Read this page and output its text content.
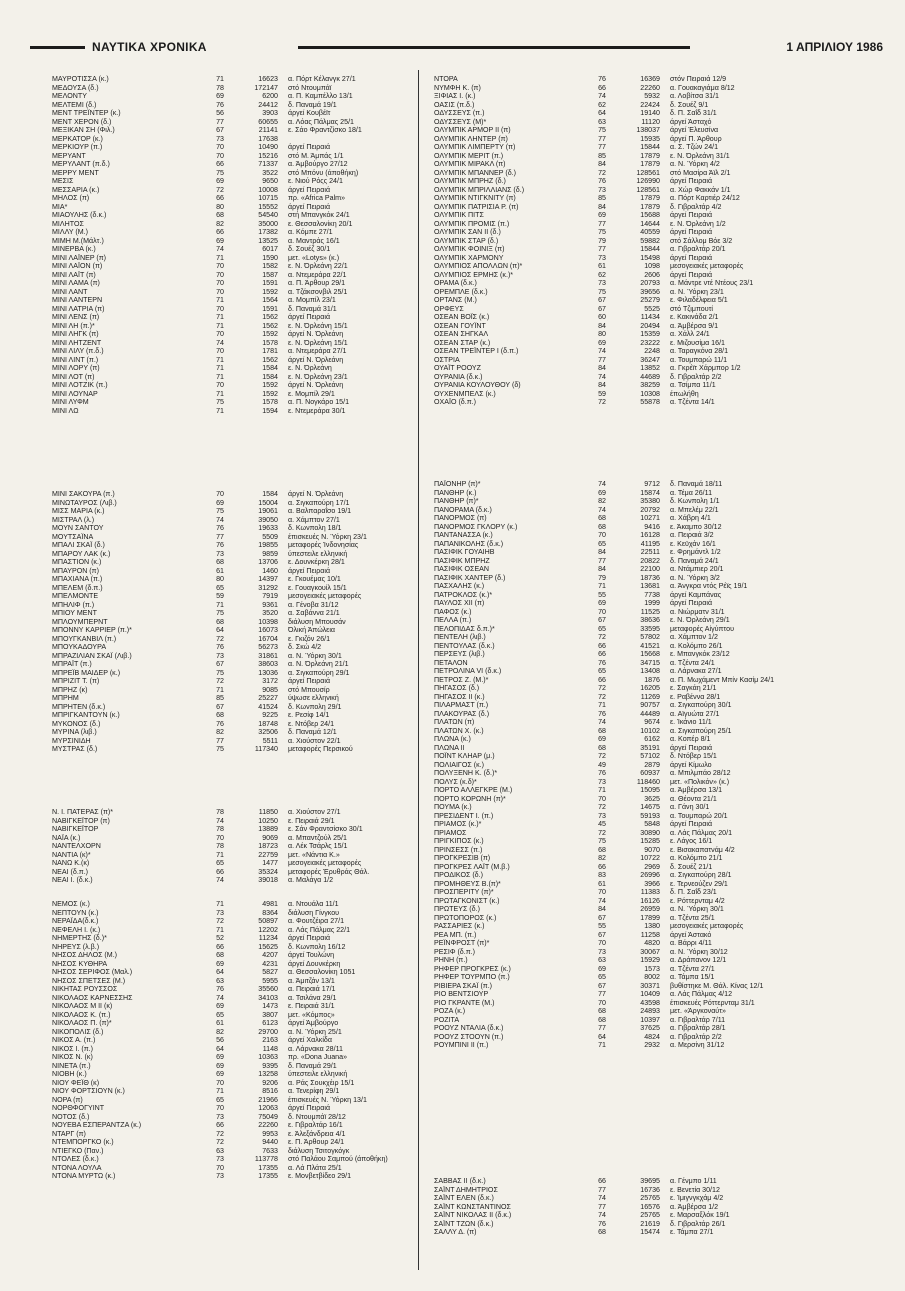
ΝΑΥΤΙΚΑ ΧΡΟΝΙΚΑ	1 ΑΠΡΙΛΙΟΥ 1986
ΜΑΥΡΟΤΙΣΣΑ (κ.)	71	16623	α. Πόρτ Κέλανγκ 27/1
ΜΕΔΟΥΣΑ (δ.)	78	172147	στό Ντουμπάϊ
ΜΕΛΟΝΤΥ	69	6200	α. Π. Καμπέλλο 13/1
ΜΕΛΤΕΜΙ (δ.)	76	24412	δ. Παναμά 19/1
ΜΕΝΤ ΤΡΕΪΝΤΕΡ (κ.)	56	3903	άργεί Κουβέϊτ
ΜΕΝΤ ΧΕΡΟΝ (δ.)	77	60655	α. Λόας Πάλμας 25/1
ΜΕΞΙΚΑΝ ΣΗ (Φιλ.)	67	21141	ε. Σάο Φραντζίσκο 18/1
ΜΕΡΚΑΤΟΡ (κ.)	73	17638
ΜΕΡΚΙΟΥΡ (π.)	70	10490	άργεί Πειραιά
ΜΕΡΥΑΝΤ	70	15216	στό Μ. Άμπάς 1/1
ΜΕΡΥΛΑΝΤ (π.δ.)	66	71337	α. Άμβούργο 27/12
ΜΕΡΡΥ ΜΕΝΤ	75	3522	στό Μπόνυ (άποθήκη)
ΜΕΣΙΣ	69	9650	ε. Νιού Ρόςς 24/1
ΜΕΣΣΑΡΙΑ (κ.)	72	10008	άργεί Πειραιά
ΜΗΛΟΣ (π)	66	10715	πρ. «Africa Palm»
ΜΙΑ*	80	15552	άργεί Πειραιά
ΜΙΑΟΥΛΗΣ (δ.κ.)	68	54540	στή Μπανγκόκ 24/1
ΜΙΛΗΤΟΣ	82	35000	ε. Θεσσαλονίκη 20/1
ΜΙΛΛΥ (Μ.)	66	17382	α. Κόμπε 27/1
ΜΙΜΗ Μ.(Μάλτ.)	69	13525	α. Μαντράς 16/1
ΜΙΝΕΡΒΑ (κ.)	74	6017	δ. Σουέζ 30/1
ΜΙΝΙ ΛΑΪΝΕΡ (π)	71	1590	μετ. «Lotys» (κ.)
ΜΙΝΙ ΛΑΪΟΝ (π)	70	1582	ε. Ν. Όρλεάνη 22/1
ΜΙΝΙ ΛΑΪΤ (π)	70	1587	α. Ντεμεράρα 22/1
ΜΙΝΙ ΛΑΜΑ (π)	70	1591	α. Π. Άρθουρ 29/1
ΜΙΝΙ ΛΑΝΤ	70	1592	α. Τζάκσονβιλ 25/1
ΜΙΝΙ ΛΑΝΤΕΡΝ	71	1564	α. Μομπίλ 23/1
ΜΙΝΙ ΛΑΤΡΙΑ (π)	70	1591	δ. Παναμά 31/1
ΜΙΝΙ ΛΕΝΣ (π)	71	1562	άργεί Πειραιά
ΜΙΝΙ ΛΗ (π.)*	71	1562	ε. Ν. Όρλεάνη 15/1
ΜΙΝΙ ΛΗΓΚ (π)	70	1592	άργεί Ν. Όρλεάνη
ΜΙΝΙ ΛΗΤΖΕΝΤ	74	1578	ε. Ν. Όρλεάνη 15/1
ΜΙΝΙ ΛΙΛΥ (π.δ.)	70	1781	α. Ντεμεράρα 27/1
ΜΙΝΙ ΛΙΝΤ (π.)	71	1562	άργεί Ν. Όρλεάνη
ΜΙΝΙ ΛΟΡΥ (π)	71	1584	ε. Ν. Όρλεάνη
ΜΙΝΙ ΛΟΤ (π)	71	1584	ε. Ν. Όρλεάνη 23/1
ΜΙΝΙ ΛΟΤΖΙΚ (π.)	70	1592	άργεί Ν. Όρλεάνη
ΜΙΝΙ ΛΟΥΝΑΡ	71	1592	ε. Μομπίλ 29/1
ΜΙΝΙ ΛΥΦΜ	75	1578	α. Π. Νογκάρο 15/1
ΜΙΝΙ ΛΩ	71	1594	ε. Ντεμεράρα 30/1
ΜΙΝΙ ΣΑΚΟΥΡΑ (π.)	70	1584	άργεί Ν. Όρλεάνη
ΜΙΝΩΤΑΥΡΟΣ (Λιβ.)	69	15004	α. Σιγκαπούρη 17/1
ΜΙΣΣ ΜΑΡΙΑ (κ.)	75	19061	α. Βαλπαραΐσο 19/1
ΜΙΣΤΡΑΛ (λ.)	74	39050	α. Χάμπτον 27/1
ΜΟΥΝ ΣΑΝΤΟΥ	76	19633	δ. Κωνπολη 18/1
ΜΟΥΤΣΑΪΝΑ	77	5509	έπισκευές Ν. Ύόρκη 23/1
ΜΠΑΛΙ ΣΚΑΪ (δ.)	76	19855	μεταφορές Ίνδονησίας
ΜΠΑΡΟΥ ΛΑΚ (κ.)	73	9859	ύπεστειλε ελληνική
ΜΠΑΣΤΙΟΝ (κ.)	68	13706	ε. Δουνκέρκη 28/1
ΜΠΑΥΡΟΝ (π)	61	1460	άργεί Πειραιά
ΜΠΑΧΙΑΝΑ (π.)	80	14397	ε. Γκουέμας 10/1
ΜΠΕΛΕΜ (δ.π.)	65	31292	ε. Γουαγκουίλ 15/1
ΜΠΕΛΜΟΝΤΕ	59	7919	μεσογειακές μεταφορές
ΜΠΗΛΙΦ (π.)	71	9361	α. Γένοβα 31/12
ΜΠΙΟΥ ΜΕΝΤ	75	3520	α. Σαβάννα 21/1
ΜΠΛΟΥΜΠΕΡΝΤ	68	10398	διάλυση Μπουσάν
ΜΠΟΝΝΥ ΚΑΡΡΙΕΡ (π.)*	64	16073	Όλική Άπώλεια
ΜΠΟΥΓΚΑΝΒΙΛ (π.)	72	16704	ε. Γκιζόν 26/1
ΜΠΟΥΚΑΔΟΥΡΑ	76	56273	δ. Σκώ 4/2
ΜΠΡΑΖΙΛΙΑΝ ΣΚΑΪ (Λιβ.)	73	31861	α. Ν. Ύόρκη 30/1
ΜΠΡΑΪΤ (π.)	67	38603	α. Ν. Όρλεάνη 21/1
ΜΠΡΕΪΒ ΜΑΙΔΕΡ (κ.)	75	13036	α. Σιγκαπούρη 29/1
ΜΠΡΙΖΙΤ Τ. (π)	72	3172	άργεί Πειραιά
ΜΠΡΗΖ (κ)	71	9085	στό Μπουσίρ
ΜΠΡΗΜ	85	25227	ύψωσε ελληνική
ΜΠΡΗΤΕΝ (δ.κ.)	67	41524	δ. Κωνπολη 29/1
ΜΠΡΙΓΚΑΝΤΟΥΝ (κ.)	68	9225	ε. Ρεσίφ 14/1
ΜΥΚΟΝΟΣ (δ.)	76	18748	ε. Ντόβερ 24/1
ΜΥΡΙΝΑ (λιβ.)	82	32506	δ. Παναμά 12/1
ΜΥΡΣΙΝΙΔΗ	77	5511	α. Χιούστον 22/1
ΜΥΣΤΡΑΣ (δ.)	75	117340	μεταφορές Περσικού
Ν. Ι. ΠΑΤΕΡΑΣ (π)*	78	11850	α. Χιούστον 27/1
ΝΑΒΙΓΚΕΪΤΟΡ (π)	74	10250	ε. Πειραιά 29/1
ΝΑΒΙΓΚΕΪΤΟΡ	78	13889	ε. Σάν Φραντσίσκο 30/1
ΝΑΪΑ (κ.)	70	9069	α. Μπαντζούλ 25/1
ΝΑΝΤΕΛΧΟΡΝ	78	18723	α. Λέκ Τσάρλς 15/1
ΝΑΝΤΙΑ (κ)*	71	22759	μετ. «Νάντια Κ.»
ΝΑΝΩ Κ.(κ)	65	1477	μεσογειακές μεταφορές
ΝΕΑΙ (δ.π.)	66	35324	μεταφορές Έρυθράς Θάλ.
ΝΕΑΙ Ι. (δ.κ.)	74	39018	α. Μαλάγα 1/2
ΝΕΜΟΣ (κ.)	71	4981	α. Ντουάλα 11/1
ΝΕΠΤΟΥΝ (κ.)	73	8364	διάλυση Γίνγκου
ΝΕΡΑΪΔΑ(δ.κ.)	72	50897	α. Φουτζέιρα 27/1
ΝΕΦΕΛΗ Ι. (κ.)	71	12202	α. Λάς Πάλμας 22/1
ΝΗΜΕΡΤΗΣ (δ.)*	52	11234	άργεί Πειραιά
ΝΗΡΕΥΣ (λ.β.)	66	15625	δ. Κωνπολη 16/12
ΝΗΣΟΣ ΔΗΛΟΣ (Μ.)	68	4207	άργεί Τουλώνη
ΝΗΣΟΣ ΚΥΘΗΡΑ	69	4231	άργεί Δουνκέρκη
ΝΗΣΟΣ ΣΕΡΙΦΟΣ (Μαλ.)	64	5827	α. Θεσσαλονίκη 1051
ΝΗΣΟΣ ΣΠΕΤΣΕΣ (Μ.)	63	5955	α. Άμιτζάν 13/1
ΝΙΚΗΤΑΣ ΡΟΥΣΣΟΣ	76	35560	α. Πειραιά 17/1
ΝΙΚΟΛΑΟΣ ΚΑΡΝΕΣΣΗΣ	74	34103	α. Τσιλάνα 29/1
ΝΙΚΟΛΑΟΣ Μ ΙΙ (κ)	69	1473	ε. Πειραιά 31/1
ΝΙΚΟΛΑΟΣ Κ. (π.)	65	3807	μετ. «Κόμπος»
ΝΙΚΟΛΑΟΣ Π. (π)*	61	6123	άργεί Άμβούργο
ΝΙΚΟΠΟΛΙΣ (δ.)	82	29700	α. Ν. Ύόρκη 25/1
ΝΙΚΟΣ Α. (π.)	56	2163	άργεί Χαλκίδα
ΝΙΚΟΣ Ι. (π.)	64	1148	α. Λάρνακα 28/11
ΝΙΚΟΣ Ν. (κ)	69	10363	πρ. «Dona Juana»
ΝΙΝΕΤΑ (π.)	69	9395	δ. Παναμά 29/1
ΝΙΟΒΗ (κ.)	69	13258	ύπεστειλε ελληνική
ΝΙΟΥ ΦΕΪΘ (κ)	70	9206	α. Ράς Σουκχέιρ 15/1
ΝΙΟΥ ΦΟΡΤΣΙΟΥΝ (κ.)	71	8516	α. Τενερίφη 29/1
ΝΟΡΑ (π)	65	21966	έπισκευές Ν. Ύόρκη 13/1
ΝΟΡΘΦΟΓΥΙΝΤ	70	12063	άργεί Πειραιά
ΝΟΤΟΣ (δ.)	73	75049	δ. Ντουμπάϊ 28/12
ΝΟΥΕΒΑ ΕΣΠΕΡΑΝΤΖΑ (κ.)	66	22260	ε. Γιβραλτάρ 16/1
ΝΤΑΡΓ (π)	72	9953	ε. Άλεξάνδρεια 4/1
ΝΤΕΜΠΟΡΓΚΟ (κ.)	72	9440	ε. Π. Άρθουρ 24/1
ΝΤΙΕΓΚΟ (Παν.)	63	7633	διάλυση Τσιτογκόγκ
ΝΤΟΛΕΣ (δ.κ.)	73	113778	στό Παλάου Σαμπού (άποθήκη)
ΝΤΟΝΑ ΛΟΥΛΑ	70	17355	α. Λά Πλάτα 25/1
ΝΤΟΝΑ ΜΥΡΤΩ (κ.)	73	17355	ε. Μονβετβίδεο 29/1
ΝΤΟΡΑ	76	16369	στόν Πειραιά 12/9
ΝΥΜΦΗ Κ. (π)	66	22260	α. Γουακαγιάμα 8/12
ΞΙΦΙΑΣ Ι. (κ.)	74	5932	α. Λοβίτσα 31/1
ΟΑΣΙΣ (π.δ.)	62	22424	δ. Σουέζ 9/1
ΟΔΥΣΣΕΥΣ (π.)	64	19140	δ. Π. Σαΐδ 31/1
ΟΔΥΣΣΕΥΣ (Μ)*	63	11120	άργεί Άσταχό
ΟΛΥΜΠΙΚ ΑΡΜΟΡ ΙΙ (π)	75	138037	άργεί Έλευσίνα
ΟΛΥΜΠΙΚ ΛΗΝΤΕΡ (π)	77	15935	άργεί Π. Άρθουρ
ΟΛΥΜΠΙΚ ΛΙΜΠΕΡΤΥ (π)	77	15844	α. Σ. Τζών 24/1
ΟΛΥΜΠΙΚ ΜΕΡΙΤ (π.)	85	17879	ε. Ν. Όρλεάνη 31/1
ΟΛΥΜΠΙΚ ΜΙΡΑΚΛ (π)	84	17879	α. Ν. Ύόρκη 4/2
ΟΛΥΜΠΙΚ ΜΠΑΝΝΕΡ (δ.)	72	128561	στό Μασίρα Άϊλ 2/1
ΟΛΥΜΠΙΚ ΜΠΡΗΖ (δ.)	76	126990	άργεί Πειραιά
ΟΛΥΜΠΙΚ ΜΠΡΙΛΛΙΑΝΣ (δ.)	73	128561	α. Χώρ Φακκάν 1/1
ΟΛΥΜΠΙΚ ΝΤΙΓΚΝΙΤΥ (π)	85	17879	α. Πόρτ Καρτιέρ 24/12
ΟΛΥΜΠΙΚ ΠΑΤΡΙΣΙΑ Ρ. (π)	84	17879	δ. Γιβραλτάρ 4/2
ΟΛΥΜΠΙΚ ΠΙΤΣ	69	15688	άργεί Πειραιά
ΟΛΥΜΠΙΚ ΠΡΟΜΙΣ (π.)	77	14644	ε. Ν. Όρλεάνη 1/2
ΟΛΥΜΠΙΚ ΣΑΝ ΙΙ (δ.)	75	40559	άργεί Πειραιά
ΟΛΥΜΠΙΚ ΣΤΑΡ (δ.)	79	59882	στό Σάλλομ Βόε 3/2
ΟΛΥΜΠΙΚ ΦΟΙΝΙΞ (π)	77	15844	α. Γιβραλτάρ 20/1
ΟΛΥΜΠΙΚ ΧΑΡΜΟΝΥ	73	15498	άργεί Πειραιά
ΟΛΥΜΠΙΟΣ ΑΠΟΛΛΩΝ (π)*	61	1098	μεσογειακές μεταφορές
ΟΛΥΜΠΙΟΣ ΕΡΜΗΣ (κ.)*	62	2606	άργεί Πειραιά
ΟΡΑΜΑ (δ.κ.)	73	20793	α. Μάντρε ντέ Ντέους 23/1
ΟΡΕΜΠΛΕ (δ.κ.)	75	39656	α. Ν. Ύόρκη 23/1
ΟΡΤΑΝΣ (Μ.)	67	25279	ε. Φιλαδέλφεια 5/1
ΟΡΦΕΥΣ	67	5525	στό Τζιμπουτί
ΟΣΕΑΝ ΒΟΪΣ (κ.)	60	11434	ε. Κακινάδα 2/1
ΟΣΕΑΝ ΓΟΥΪΝΤ	84	20494	α. Άμβέρσα 9/1
ΟΣΕΑΝ ΣΗΓΚΑΛ	80	15359	α. Χάλλ 24/1
ΟΣΕΑΝ ΣΤΑΡ (κ.)	69	23222	ε. Μιζουσίμα 16/1
ΟΣΕΑΝ ΤΡΕΪΝΤΕΡ Ι (δ.π.)	74	2248	α. Ταραγκόνα 28/1
ΟΣΤΡΙΑ	77	36247	α. Τουμπαρώ 11/1
ΟΥΑΪΤ ΡΟΟΥΖ	84	13852	α. Γκρέϊτ Χάρμπορ 1/2
ΟΥΡΑΝΙΑ (δ.κ.)	74	44689	δ. Γιβραλτάρ 2/2
ΟΥΡΑΝΙΑ ΚΟΥΛΟΥΘΟΥ (δ)	84	38259	α. Τσίμπα 11/1
ΟΥΧΕΝΜΠΕΛΣ (κ.)	59	10308	έπωλήθη
ΟΧΑΪΟ (δ.π.)	72	55878	α. Τζέντα 14/1
ΠΑΪΟΝΗΡ (π)*	74	9712	δ. Παναμά 18/11
ΠΑΝΘΗΡ (κ.)	69	15874	α. Τέμα 26/11
ΠΑΝΘΗΡ (π)*	82	35380	δ. Κωνπολη 1/1
ΠΑΝΟΡΑΜΑ (δ.κ.)	74	20792	α. Μπελέμ 22/1
ΠΑΝΟΡΜΟΣ (π)	68	10271	α. Χάβρη 4/1
ΠΑΝΟΡΜΟΣ ΓΚΛΟΡΥ (κ.)	68	9416	ε. Άκαμπο 30/12
ΠΑΝΤΑΝΑΣΣΑ (κ.)	70	16128	α. Πειραιά 3/2
ΠΑΠΑΝΙΚΟΛΗΣ (δ.κ.)	65	41195	ε. Κεϋχάν 16/1
ΠΑΣΙΦΙΚ ΓΟΥΑΙΗΒ	84	22511	ε. Φρημάντλ 1/2
ΠΑΣΙΦΙΚ ΜΠΡΗΖ	77	20822	δ. Παναμά 24/1
ΠΑΣΙΦΙΚ ΟΣΕΑΝ	84	22100	α. Ντάμπιερ 20/1
ΠΑΣΙΦΙΚ ΧΑΝΤΕΡ (δ.)	79	18736	α. Ν. Ύόρκη 3/2
ΠΑΣΧΑΛΗΣ (κ.)	71	13681	α. Άνγκρα ντός Ρέϊς 19/1
ΠΑΤΡΟΚΛΟΣ (κ.)*	55	7738	άργεί Καμπάνας
ΠΑΥΛΟΣ ΧΙΙ (π)	69	1999	άργεί Πειραιά
ΠΑΦΟΣ (κ.)	70	11525	α. Νιώρματν 31/1
ΠΕΛΛΑ (π.)	67	38636	ε. Ν. Όρλεάνη 29/1
ΠΕΛΟΠΙΔΑΣ δ.π.)*	65	33595	μεταφορές Αίγύπτου
ΠΕΝΤΕΛΗ (λιβ.)	72	57802	α. Χάμπτον 1/2
ΠΕΝΤΟΥΛΑΣ (δ.κ.)	66	41521	α. Κολόμπο 26/1
ΠΕΡΣΕΥΣ (λιβ.)	66	15668	ε. Μπανγκόκ 23/12
ΠΕΤΑΛΟΝ	76	34715	α. Τζέντα 24/1
ΠΕΤΡΟΛΙΝΑ VI (δ.κ.)	65	13408	α. Λάρνακα 27/1
ΠΕΤΡΟΣ Ζ. (Μ.)*	66	1876	α. Π. Μωχάμεντ Μπίν Κασίμ 24/1
ΠΗΓΑΣΟΣ (δ.)	72	16205	ε. Σαγκάη 21/1
ΠΗΓΑΣΟΣ ΙΙ (κ.)	72	11269	ε. Ραβέννα 28/1
ΠΙΛΑΡΜΑΣΤ (π.)	71	90757	α. Σιγκαπούρη 30/1
ΠΛΑΚΟΥΡΑΣ (δ.)	76	44489	α. Αϊγυώτα 27/1
ΠΛΑΤΩΝ (π)	74	9674	ε. Ίκάνιο 11/1
ΠΛΑΤΩΝ Χ. (κ.)	68	10102	α. Σιγκαπούρη 25/1
ΠΛΩΝΑ (κ.)	69	6162	α. Κοπέρ 8/1
ΠΛΩΝΑ ΙΙ	68	35191	άργεί Πειραιά
ΠΟΪΝΤ ΚΛΗΑΡ (μ.)	72	57102	δ. Ντόβερ 15/1
ΠΟΛΙΑΙΓΟΣ (κ.)	49	2879	άργεί Κίμωλο
ΠΟΛΥΞΕΝΗ Κ. (δ.)*	76	60937	α. Μπιλμπάο 28/12
ΠΟΛΥΣ (κ.δ)*	73	118460	μετ. «Πολικόν» (κ.)
ΠΟΡΤΟ ΑΛΛΕΓΚΡΕ (Μ.)	71	15095	α. Άμβέρσα 13/1
ΠΟΡΤΟ ΚΟΡΩΝΗ (π)*	70	3625	α. Θέοντα 21/1
ΠΟΥΜΑ (κ.)	72	14675	α. Γάνη 30/1
ΠΡΕΣΙΔΕΝΤ Ι. (π.)	73	59193	α. Τουμπαρώ 20/1
ΠΡΙΑΜΟΣ (κ.)*	45	5848	άργεί Πειραιά
ΠΡΙΑΜΟΣ	72	30890	α. Λάς Πάλμας 20/1
ΠΡΙΓΚΙΠΟΣ (κ.)	75	15285	ε. Λάγος 16/1
ΠΡΙΝΣΕΣΣ (π.)	68	9070	ε. Βισακαπατνάμ 4/2
ΠΡΟΓΚΡΕΣΙΒ (π)	82	10722	α. Κολόμπο 21/1
ΠΡΟΓΚΡΕΣ ΛΑΪΤ (Μ.β.)	66	2969	δ. Σουέζ 21/1
ΠΡΟΔΙΚΟΣ (δ.)	83	26996	α. Σιγκαπούρη 28/1
ΠΡΟΜΗΘΕΥΣ Β.(π)*	61	3966	ε. Τερνεούζεν 29/1
ΠΡΟΣΠΕΡΙΤΥ (π)*	70	11383	δ. Π. Σαΐδ 23/1
ΠΡΩΤΑΓΚΟΝΙΣΤ (κ.)	74	16126	ε. Ρόττερνταμ 4/2
ΠΡΩΤΕΥΣ (δ.)	84	26959	α. Ν. Ύόρκη 30/1
ΠΡΩΤΟΠΟΡΟΣ (κ.)	67	17899	α. Τζέντα 25/1
ΡΑΣΣΑΡΙΕΣ (κ.)	55	1380	μεσογειακές μεταφορές
ΡΕΑ ΜΠ. (π.)	67	11258	άργεί Άστακό
ΡΕΪΝΦΡΟΣΤ (π)*	70	4820	α. Βάρρι 4/11
ΡΕΣΙΦ (δ.π.)	73	30067	α. Ν. Ύόρκη 30/12
ΡΗΝΗ (π.)	63	15929	α. Δράπανον 12/1
ΡΗΦΕΡ ΠΡΟΓΚΡΕΣ (κ.)	69	1573	α. Τζέντα 27/1
ΡΗΦΕΡ ΤΟΥΡΜΠΟ (π.)	65	8002	α. Τάμπα 15/1
ΡΙΒΙΕΡΑ ΣΚΑΪ (π.)	67	30371	βυθίστηκε Μ. Θάλ. Κίνας 12/1
ΡΙΟ ΒΕΝΤΣΙΟΥΡ	77	10409	α. Λάς Πάλμας 4/12
ΡΙΟ ΓΚΡΑΝΤΕ (Μ.)	70	43598	έπισκευές Ρόττερνταμ 31/1
ΡΟΖΑ (κ.)	68	24893	μετ. «Άργκοναύτ»
ΡΟΖΙΤΑ	68	10397	α. Γιβραλτάρ 7/11
ΡΟΟΥΖ ΝΤΑΛΙΑ (δ.κ.)	77	37625	α. Γιβραλτάρ 28/1
ΡΟΟΥΖ ΣΤΟΟΥΝ (π.)	64	4824	α. Γιβραλτάρ 2/2
ΡΟΥΜΠΙΝΙ ΙΙ (π.)	71	2932	α. Μερσίνη 31/12
ΣΑΒΒΑΣ ΙΙ (δ.κ.)	66	39695	α. Γένμπο 1/11
ΣΑΪΝΤ ΔΗΜΗΤΡΙΟΣ	77	16736	ε. Βενετία 30/12
ΣΑΪΝΤ ΕΛΕΝ (δ.κ.)	74	25765	ε. Ίμιγνγκχάμ 4/2
ΣΑΪΝΤ ΚΩΝΣΤΑΝΤΙΝΟΣ	77	16576	α. Άμβέρσα 1/2
ΣΑΪΝΤ ΝΙΚΟΛΑΣ ΙΙ (δ.κ.)	74	25765	ε. Μαρσαξλόκ 19/1
ΣΑΪΝΤ ΤΖΩΝ (δ.κ.)	76	21619	δ. Γιβραλτάρ 26/1
ΣΑΛΛΥ Δ. (π)	68	15474	ε. Τάμπα 27/1
